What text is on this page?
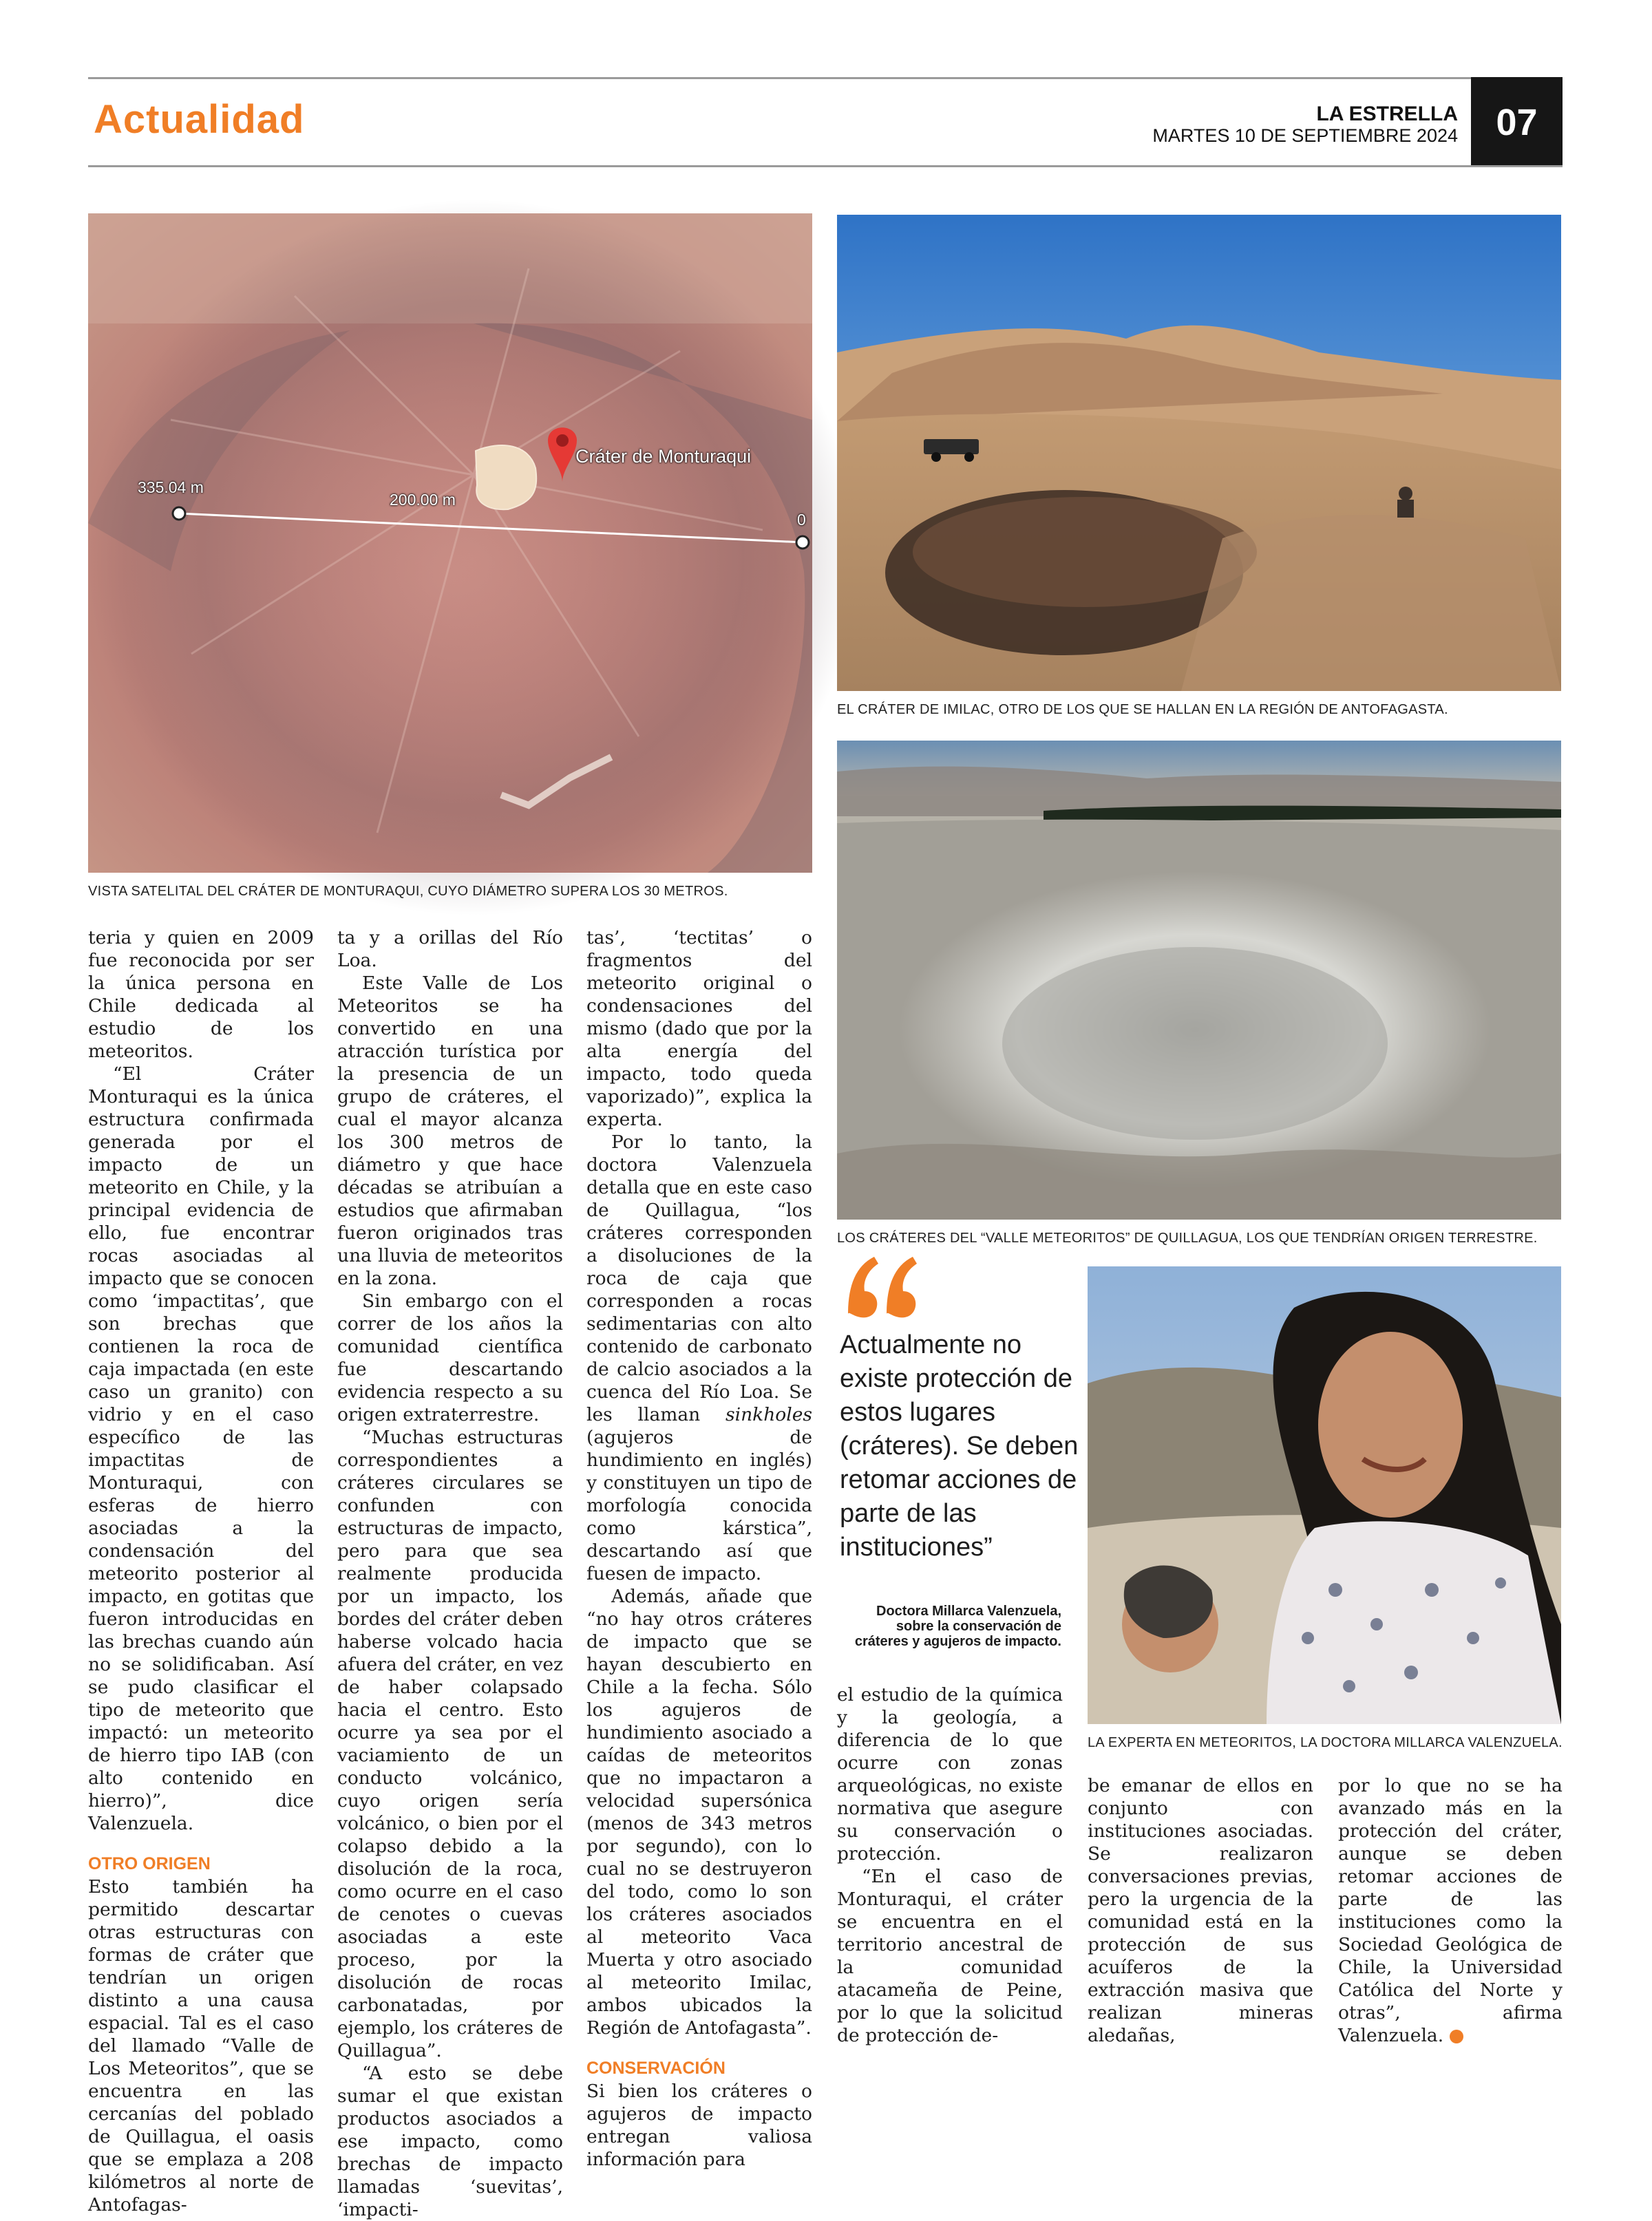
Actualidad	LA ESTRELLA
MARTES 10 DE SEPTIEMBRE 2024	07
Cráter de Monturaqui
335.04 m
200.00 m
0
VISTA SATELITAL DEL CRÁTER DE MONTURAQUI, CUYO DIÁMETRO SUPERA LOS 30 METROS.
EL CRÁTER DE IMILAC, OTRO DE LOS QUE SE HALLAN EN LA REGIÓN DE ANTOFAGASTA.
LOS CRÁTERES DEL “VALLE METEORITOS” DE QUILLAGUA, LOS QUE TENDRÍAN ORIGEN TERRESTRE.
LA EXPERTA EN METEORITOS, LA DOCTORA MILLARCA VALENZUELA.
Actualmente no existe protección de estos lugares (cráteres). Se deben retomar acciones de parte de las instituciones”
Doctora Millarca Valenzuela,
sobre la conservación de cráteres y agujeros de impacto.

teria y quien en 2009 fue reconocida por ser la única persona en Chile dedicada al estudio de los meteoritos.

“El Cráter Monturaqui es la única estructura confirmada generada por el impacto de un meteorito en Chile, y la principal evidencia de ello, fue encontrar rocas asociadas al impacto que se conocen como ‘impactitas’, que son brechas que contienen la roca de caja impactada (en este caso un granito) con vidrio y en el caso específico de las impactitas de Monturaqui, con esferas de hierro asociadas a la condensación del meteorito posterior al impacto, en gotitas que fueron introducidas en las brechas cuando aún no se solidificaban. Así se pudo clasificar el tipo de meteorito que impactó: un meteorito de hierro tipo IAB (con alto contenido en hierro)”, dice Valenzuela.

OTRO ORIGEN

Esto también ha permitido descartar otras estructuras con formas de cráter que tendrían un origen distinto a una causa espacial. Tal es el caso del llamado “Valle de Los Meteoritos”, que se encuentra en las cercanías del poblado de Quillagua, el oasis que se emplaza a 208 kilómetros al norte de Antofagas-

ta y a orillas del Río Loa.

Este Valle de Los Meteoritos se ha convertido en una atracción turística por la presencia de un grupo de cráteres, el cual el mayor alcanza los 300 metros de diámetro y que hace décadas se atribuían a estudios que afirmaban fueron originados tras una lluvia de meteoritos en la zona.

Sin embargo con el correr de los años la comunidad científica fue descartando evidencia respecto a su origen extraterrestre.

“Muchas estructuras correspondientes a cráteres circulares se confunden con estructuras de impacto, pero para que sea realmente producida por un impacto, los bordes del cráter deben haberse volcado hacia afuera del cráter, en vez de haber colapsado hacia el centro. Esto ocurre ya sea por el vaciamiento de un conducto volcánico, cuyo origen sería volcánico, o bien por el colapso debido a la disolución de la roca, como ocurre en el caso de cenotes o cuevas asociadas a este proceso, por la disolución de rocas carbonatadas, por ejemplo, los cráteres de Quillagua”.

“A esto se debe sumar el que existan productos asociados a ese impacto, como brechas de impacto llamadas ‘suevitas’, ‘impacti-

tas’, ‘tectitas’ o fragmentos del meteorito original o condensaciones del mismo (dado que por la alta energía del impacto, todo queda vaporizado)”, explica la experta.

Por lo tanto, la doctora Valenzuela detalla que en este caso de Quillagua, “los cráteres corresponden a disoluciones de la roca de caja que corresponden a rocas sedimentarias con alto contenido de carbonato de calcio asociados a la cuenca del Río Loa. Se les llaman sinkholes (agujeros de hundimiento en inglés) y constituyen un tipo de morfología conocida como kárstica”, descartando así que fuesen de impacto.

Además, añade que “no hay otros cráteres de impacto que se hayan descubierto en Chile a la fecha. Sólo los agujeros de hundimiento asociado a caídas de meteoritos que no impactaron a velocidad supersónica (menos de 343 metros por segundo), con lo cual no se destruyeron del todo, como lo son los cráteres asociados al meteorito Vaca Muerta y otro asociado al meteorito Imilac, ambos ubicados la Región de Antofagasta”.

CONSERVACIÓN

Si bien los cráteres o agujeros de impacto entregan valiosa información para

el estudio de la química y la geología, a diferencia de lo que ocurre con zonas arqueológicas, no existe normativa que asegure su conservación o protección.

“En el caso de Monturaqui, el cráter se encuentra en el territorio ancestral de la comunidad atacameña de Peine, por lo que la solicitud de protección de-

be emanar de ellos en conjunto con instituciones asociadas. Se realizaron conversaciones previas, pero la urgencia de la comunidad está en la protección de sus acuíferos de la extracción masiva que realizan mineras aledañas,

por lo que no se ha avanzado más en la protección del cráter, aunque se deben retomar acciones de parte de las instituciones como la Sociedad Geológica de Chile, la Universidad Católica del Norte y otras”, afirma Valenzuela.
